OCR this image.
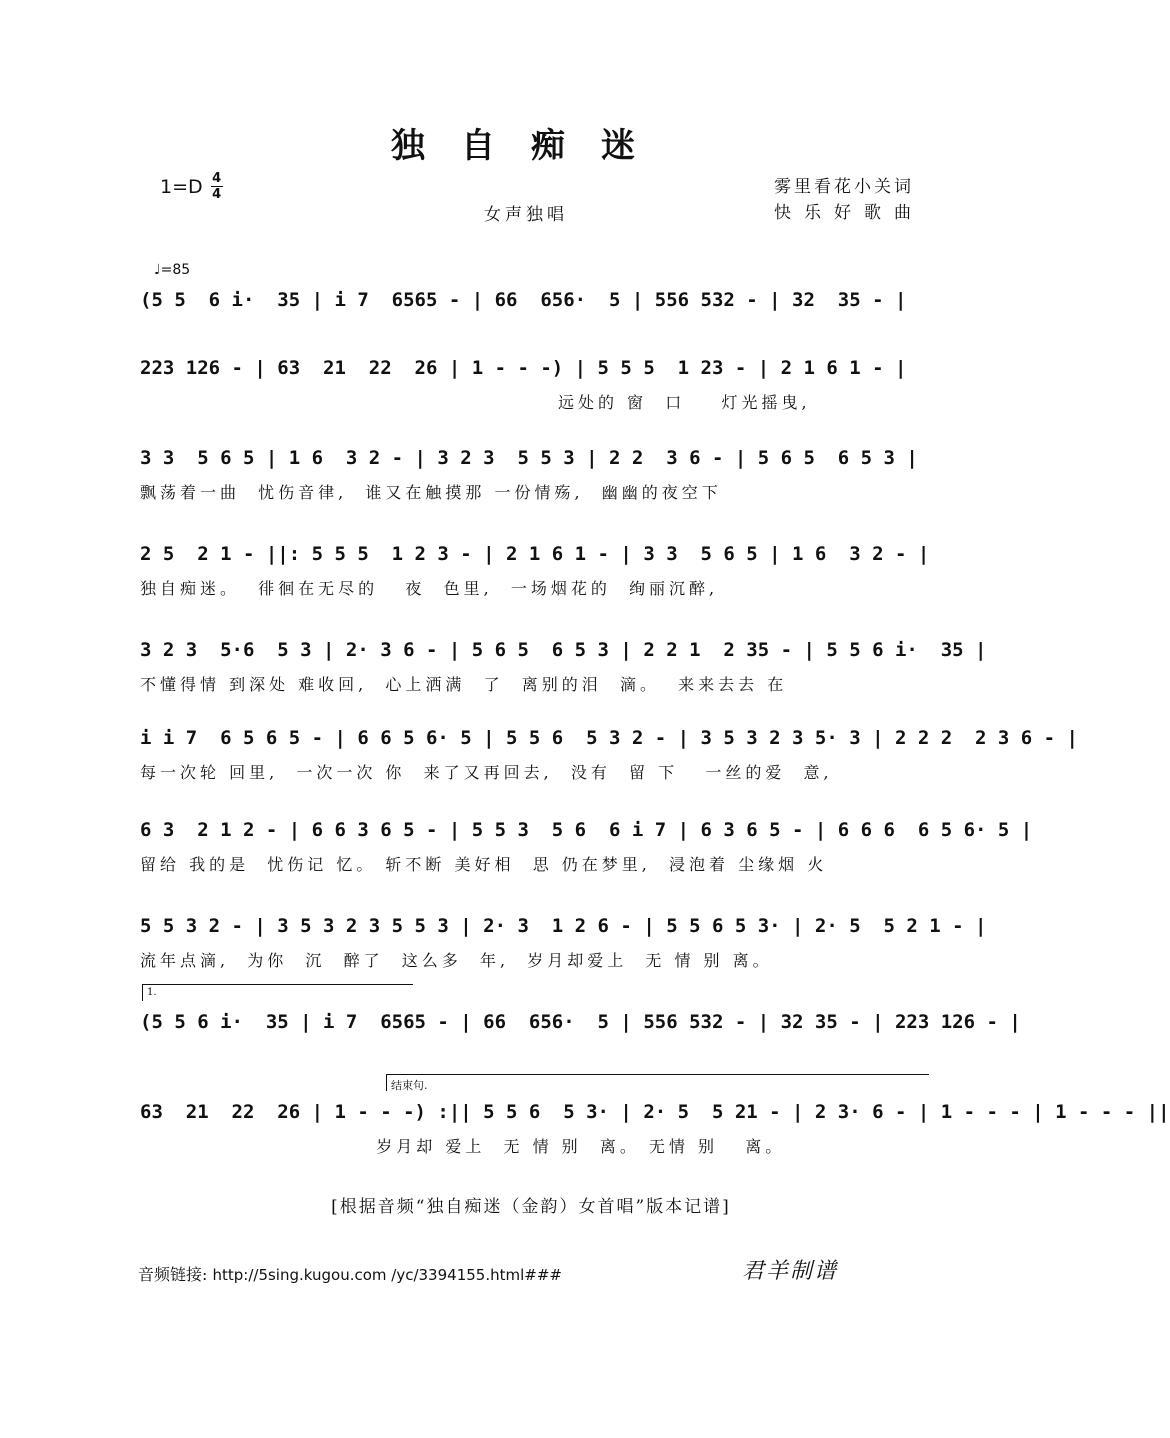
独自痴迷
1=D 4
4
女声独唱
雾里看花小关词
快乐好歌曲
♩=85
(5 5  6 i·  35 | i 7  6565 - | 66  656·  5 | 556 532 - | 32  35 - |
223 126 - | 63  21  22  26 | 1 - - -) | 5 5 5  1 23 - | 2 1 6 1 - |
远处的 窗  口    灯光摇曳,
3 3  5 6 5 | 1 6  3 2 - | 3 2 3  5 5 3 | 2 2  3 6 - | 5 6 5  6 5 3 |
飘荡着一曲  忧伤音律,  谁又在触摸那 一份情殇,  幽幽的夜空下
2 5  2 1 - ||: 5 5 5  1 2 3 - | 2 1 6 1 - | 3 3  5 6 5 | 1 6  3 2 - |
独自痴迷。  徘徊在无尽的   夜  色里,  一场烟花的  绚丽沉醉,
3 2 3  5·6  5 3 | 2· 3 6 - | 5 6 5  6 5 3 | 2 2 1  2 35 - | 5 5 6 i·  35 |
不懂得情 到深处 难收回,  心上洒满  了  离别的泪  滴。  来来去去 在
i i 7  6 5 6 5 - | 6 6 5 6· 5 | 5 5 6  5 3 2 - | 3 5 3 2 3 5· 3 | 2 2 2  2 3 6 - |
每一次轮 回里,  一次一次 你  来了又再回去,  没有  留 下   一丝的爱  意,
6 3  2 1 2 - | 6 6 3 6 5 - | 5 5 3  5 6  6 i 7 | 6 3 6 5 - | 6 6 6  6 5 6· 5 |
留给 我的是  忧伤记 忆。 斩不断 美好相  思 仍在梦里,  浸泡着 尘缘烟 火
5 5 3 2 - | 3 5 3 2 3 5 5 3 | 2· 3  1 2 6 - | 5 5 6 5 3· | 2· 5  5 2 1 - |
流年点滴,  为你  沉  醉了  这么多  年,  岁月却爱上  无 情 别 离。
1.
(5 5 6 i·  35 | i 7  6565 - | 66  656·  5 | 556 532 - | 32 35 - | 223 126 - |
结束句.
63  21  22  26 | 1 - - -) :|| 5 5 6  5 3· | 2· 5  5 21 - | 2 3· 6 - | 1 - - - | 1 - - - ||
岁月却 爱上  无 情 别  离。 无情 别   离。
[根据音频“独自痴迷（金韵）女首唱”版本记谱]
音频链接: http://5sing.kugou.com /yc/3394155.html###	君羊制谱
